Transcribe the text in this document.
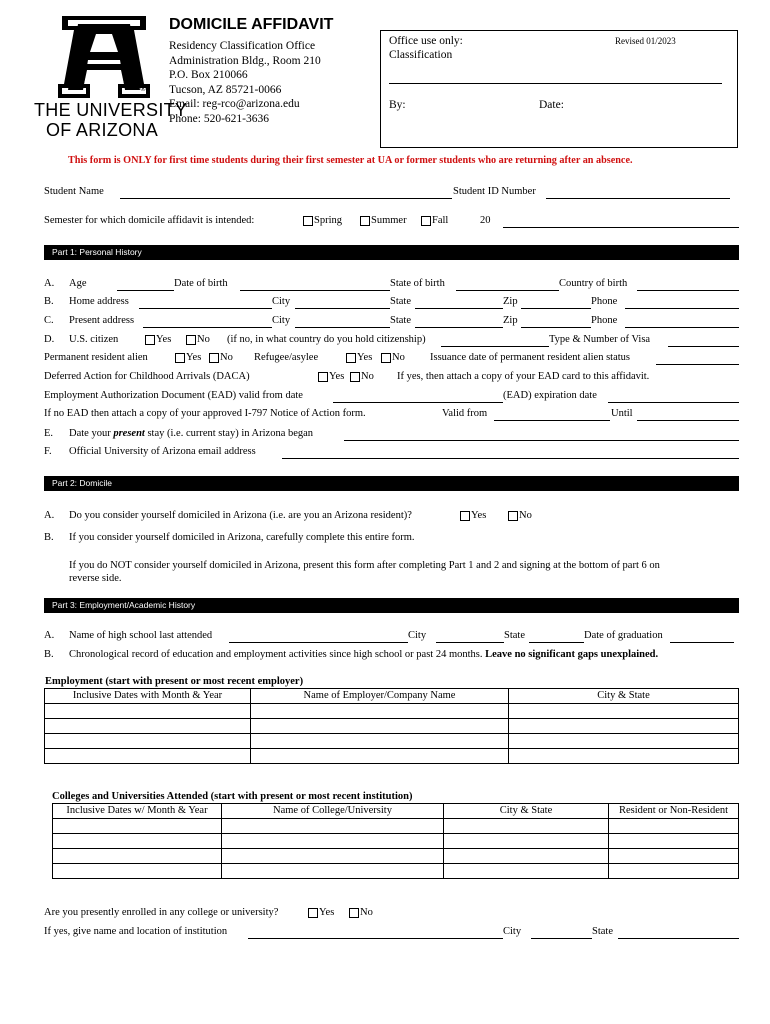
®
THE UNIVERSITY
OF ARIZONA
DOMICILE AFFIDAVIT
Residency Classification Office
Administration Bldg., Room 210
P.O. Box 210066
Tucson, AZ 85721-0066
Email: reg-rco@arizona.edu
Phone: 520-621-3636
Office use only:
Classification
Revised 01/2023
By:	Date:
This form is ONLY for first time students during their first semester at UA or former students who are returning after an absence.
Student Name	Student ID Number
Semester for which domicile affidavit is intended:	Spring	Summer Fall	20
Part 1: Personal History
A. Age	Date of birth	State of birth	Country of birth
B. Home address	City	State	Zip	Phone
C. Present address	City	State	Zip	Phone
D. U.S. citizen	Yes No (if no, in what country do you hold citizenship)	Type & Number of Visa
Permanent resident alien	Yes No Refugee/asylee	Yes No Issuance date of permanent resident alien status
Deferred Action for Childhood Arrivals (DACA)	Yes No If yes, then attach a copy of your EAD card to this affidavit.
Employment Authorization Document (EAD) valid from date	(EAD) expiration date
If no EAD then attach a copy of your approved I-797 Notice of Action form.	Valid from	Until
E. Date your present stay (i.e. current stay) in Arizona began
F. Official University of Arizona email address
Part 2: Domicile
A. Do you consider yourself domiciled in Arizona (i.e. are you an Arizona resident)?	Yes	No
B. If you consider yourself domiciled in Arizona, carefully complete this entire form.
If you do NOT consider yourself domiciled in Arizona, present this form after completing Part 1 and 2 and signing at the bottom of part 6 on
reverse side.
Part 3: Employment/Academic History
A. Name of high school last attended	City	State	Date of graduation
B. Chronological record of education and employment activities since high school or past 24 months. Leave no significant gaps unexplained.
Employment (start with present or most recent employer)
Inclusive Dates with Month & Year	Name of Employer/Company Name	City & State

Colleges and Universities Attended (start with present or most recent institution)
Inclusive Dates w/ Month & Year	Name of College/University	City & State	Resident or Non-Resident

Are you presently enrolled in any college or university?	Yes No
If yes, give name and location of institution	City	State
